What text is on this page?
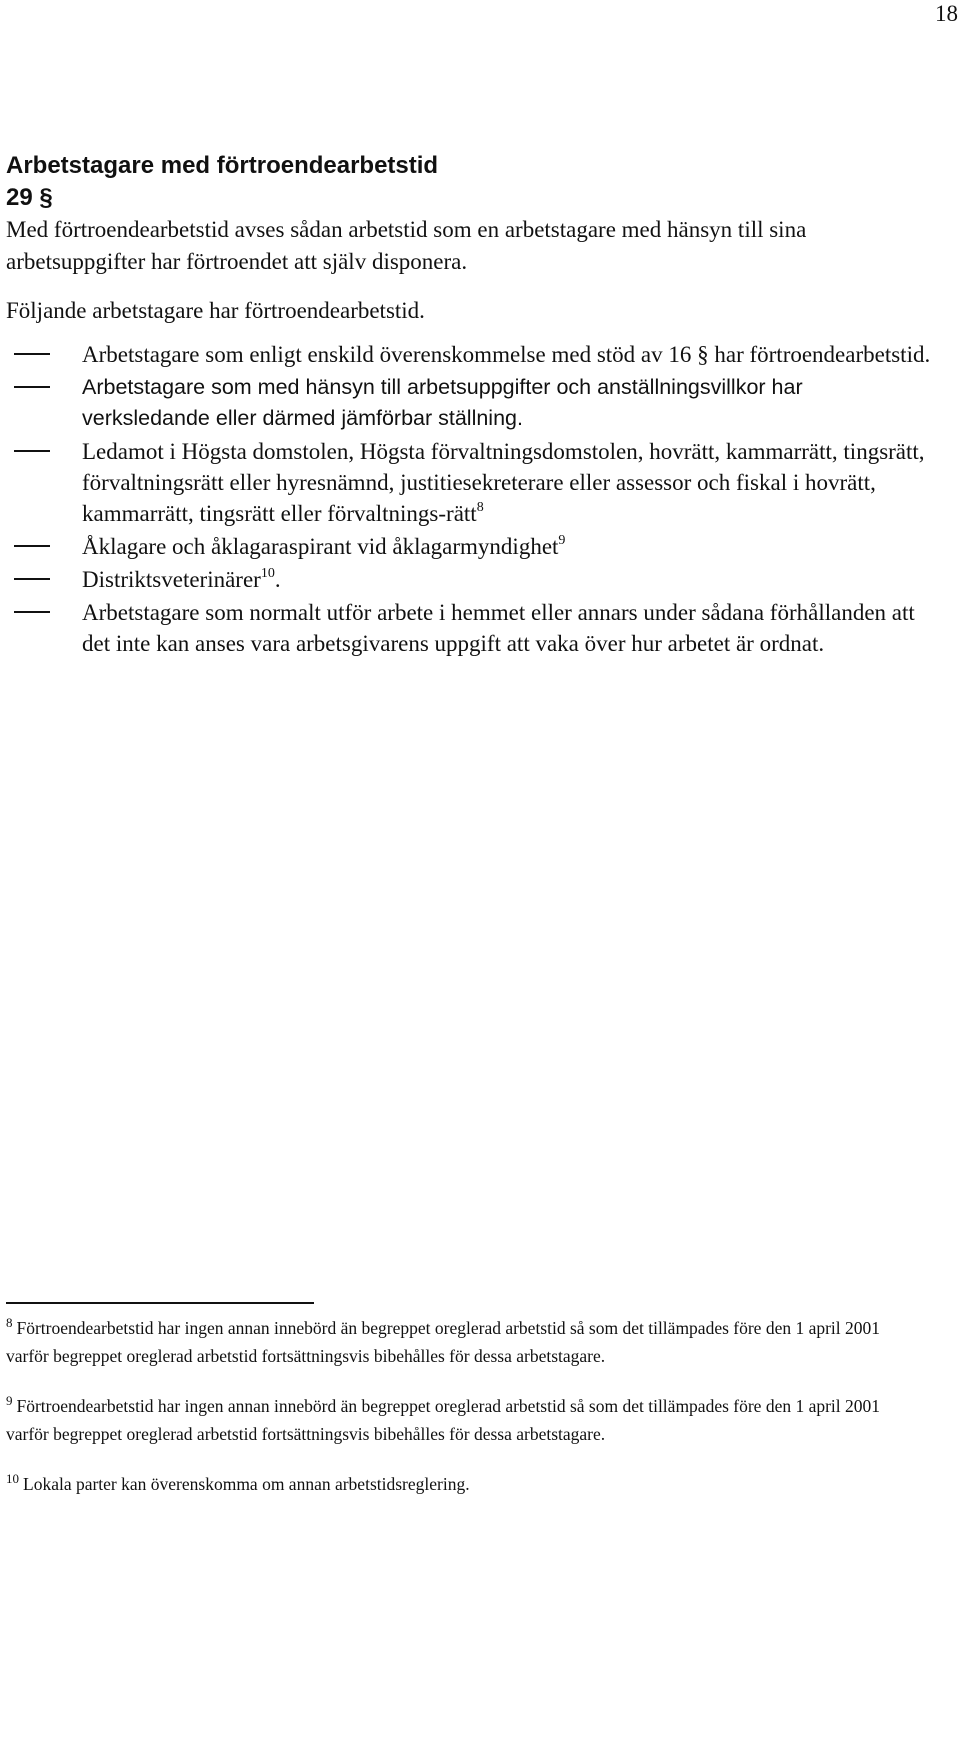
18
Arbetstagare med förtroendearbetstid
29 §

Med förtroendearbetstid avses sådan arbetstid som en arbetstagare med hänsyn till sina arbetsuppgifter har förtroendet att själv disponera.

Följande arbetstagare har förtroendearbetstid.

Arbetstagare som enligt enskild överenskommelse med stöd av 16 § har förtroendearbetstid.
Arbetstagare som med hänsyn till arbetsuppgifter och anställningsvillkor har verksledande eller därmed jämförbar ställning.
Ledamot i Högsta domstolen, Högsta förvaltningsdomstolen, hovrätt, kammarrätt, tingsrätt, förvaltningsrätt eller hyresnämnd, justitiesekreterare eller assessor och fiskal i hovrätt, kammarrätt, tingsrätt eller förvaltnings-rätt$^8$
Åklagare och åklagaraspirant vid åklagarmyndighet$^9$
Distriktsveterinärer$^{10}$.
Arbetstagare som normalt utför arbete i hemmet eller annars under sådana förhållanden att det inte kan anses vara arbetsgivarens uppgift att vaka över hur arbetet är ordnat.

$^8$ Förtroendearbetstid har ingen annan innebörd än begreppet oreglerad arbetstid så som det tillämpades före den 1 april 2001 varför begreppet oreglerad arbetstid fortsättningsvis bibehålles för dessa arbetstagare.

$^9$ Förtroendearbetstid har ingen annan innebörd än begreppet oreglerad arbetstid så som det tillämpades före den 1 april 2001 varför begreppet oreglerad arbetstid fortsättningsvis bibehålles för dessa arbetstagare.

$^{10}$ Lokala parter kan överenskomma om annan arbetstidsreglering.
